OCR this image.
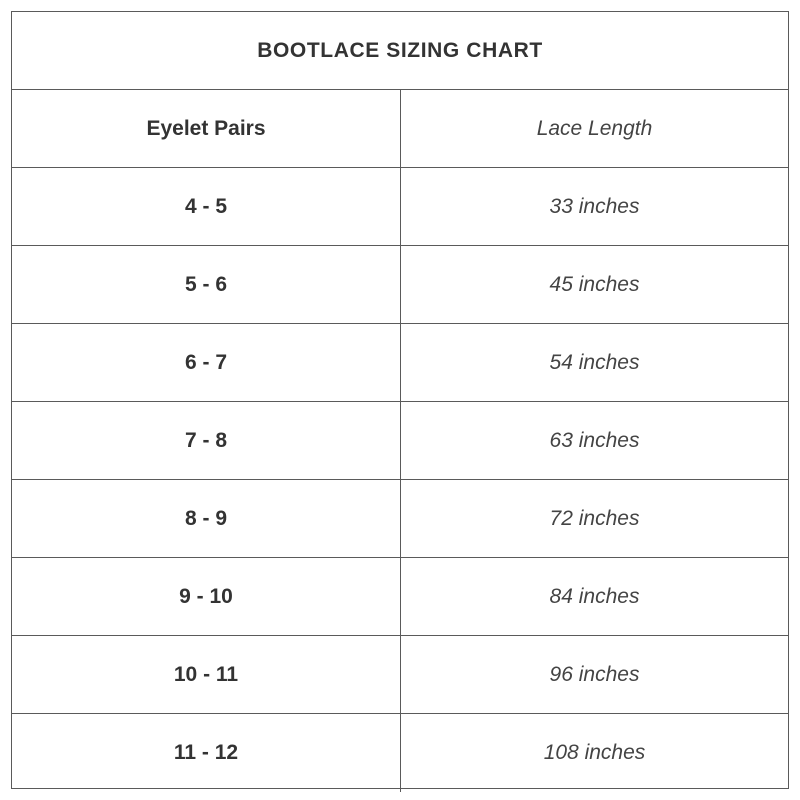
BOOTLACE SIZING CHART
Eyelet Pairs	Lace Length
4 - 5	33 inches
5 - 6	45 inches
6 - 7	54 inches
7 - 8	63 inches
8 - 9	72 inches
9 - 10	84 inches
10 - 11	96 inches
11 - 12	108 inches
